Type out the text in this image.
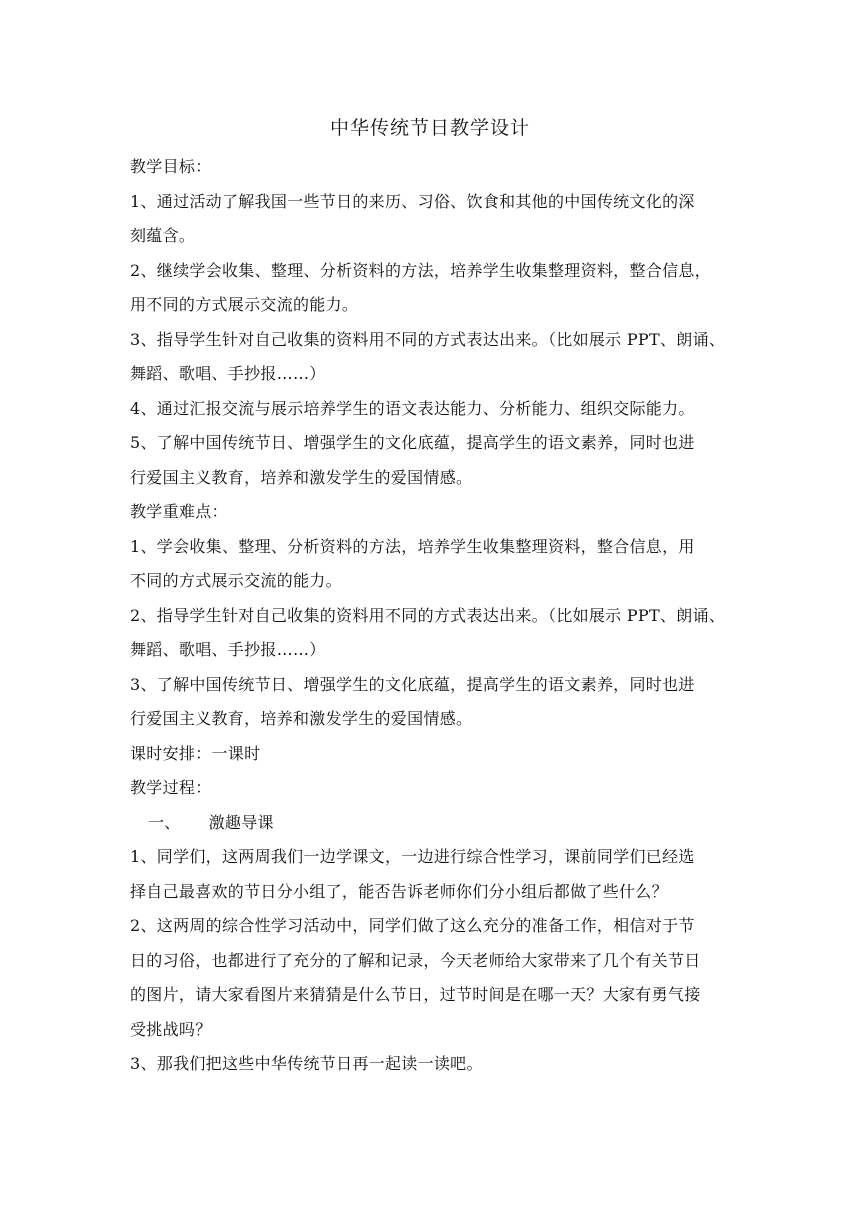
中华传统节日教学设计
教学目标：
1、通过活动了解我国一些节日的来历、习俗、饮食和其他的中国传统文化的深
刻蕴含。
2、继续学会收集、整理、分析资料的方法，培养学生收集整理资料，整合信息，
用不同的方式展示交流的能力。
3、指导学生针对自己收集的资料用不同的方式表达出来。（比如展示 PPT、朗诵、
舞蹈、歌唱、手抄报……）
4、通过汇报交流与展示培养学生的语文表达能力、分析能力、组织交际能力。
5、了解中国传统节日、增强学生的文化底蕴，提高学生的语文素养，同时也进
行爱国主义教育，培养和激发学生的爱国情感。
教学重难点：
1、学会收集、整理、分析资料的方法，培养学生收集整理资料，整合信息，用
不同的方式展示交流的能力。
2、指导学生针对自己收集的资料用不同的方式表达出来。（比如展示 PPT、朗诵、
舞蹈、歌唱、手抄报……）
3、了解中国传统节日、增强学生的文化底蕴，提高学生的语文素养，同时也进
行爱国主义教育，培养和激发学生的爱国情感。
课时安排：一课时
教学过程：
一、 激趣导课
1、同学们，这两周我们一边学课文，一边进行综合性学习，课前同学们已经选
择自己最喜欢的节日分小组了，能否告诉老师你们分小组后都做了些什么？
2、这两周的综合性学习活动中，同学们做了这么充分的准备工作，相信对于节
日的习俗，也都进行了充分的了解和记录，今天老师给大家带来了几个有关节日
的图片，请大家看图片来猜猜是什么节日，过节时间是在哪一天？大家有勇气接
受挑战吗？
3、那我们把这些中华传统节日再一起读一读吧。
